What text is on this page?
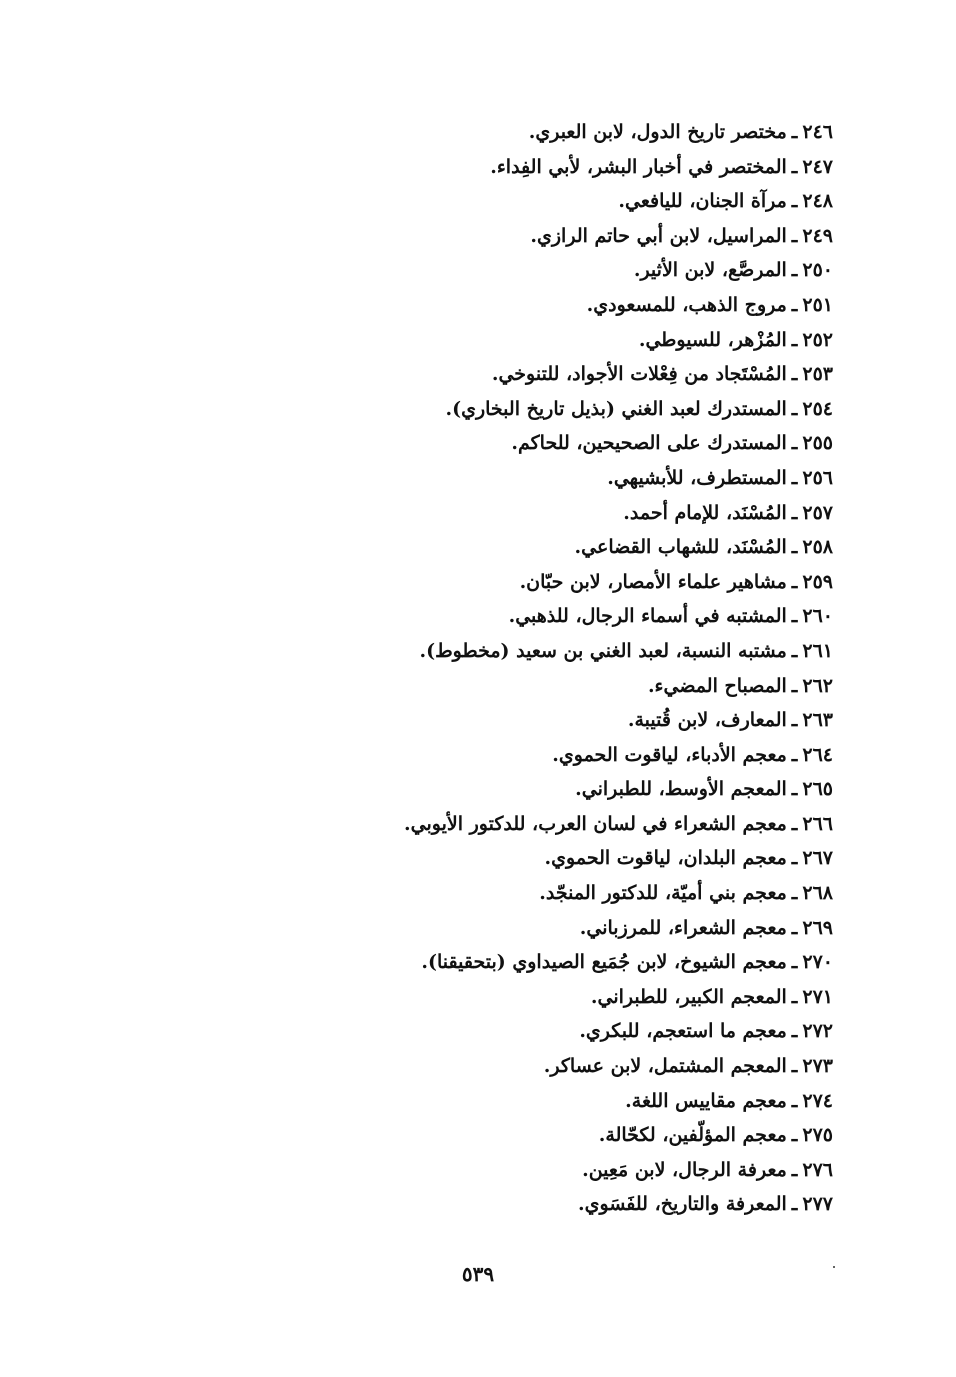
٢٤٦ـمختصر تاريخ الدول، لابن العبري.
٢٤٧ـالمختصر في أخبار البشر، لأبي الفِداء.
٢٤٨ـمرآة الجنان، لليافعي.
٢٤٩ـالمراسيل، لابن أبي حاتم الرازي.
٢٥٠ـالمرصَّع، لابن الأثير.
٢٥١ـمروج الذهب، للمسعودي.
٢٥٢ـالمُزْهر، للسيوطي.
٢٥٣ـالمُسْتَجاد من فِعْلات الأجواد، للتنوخي.
٢٥٤ـالمستدرك لعبد الغني (بذيل تاريخ البخاري).
٢٥٥ـالمستدرك على الصحيحين، للحاكم.
٢٥٦ـالمستطرف، للأبشيهي.
٢٥٧ـالمُسْنَد، للإمام أحمد.
٢٥٨ـالمُسْنَد، للشهاب القضاعي.
٢٥٩ـمشاهير علماء الأمصار، لابن حبّان.
٢٦٠ـالمشتبه في أسماء الرجال، للذهبي.
٢٦١ـمشتبه النسبة، لعبد الغني بن سعيد (مخطوط).
٢٦٢ـالمصباح المضيء.
٢٦٣ـالمعارف، لابن قُتيبة.
٢٦٤ـمعجم الأدباء، لياقوت الحموي.
٢٦٥ـالمعجم الأوسط، للطبراني.
٢٦٦ـمعجم الشعراء في لسان العرب، للدكتور الأيوبي.
٢٦٧ـمعجم البلدان، لياقوت الحموي.
٢٦٨ـمعجم بني أميّة، للدكتور المنجّد.
٢٦٩ـمعجم الشعراء، للمرزباني.
٢٧٠ـمعجم الشيوخ، لابن جُمَيع الصيداوي (بتحقيقنا).
٢٧١ـالمعجم الكبير، للطبراني.
٢٧٢ـمعجم ما استعجم، للبكري.
٢٧٣ـالمعجم المشتمل، لابن عساكر.
٢٧٤ـمعجم مقاييس اللغة.
٢٧٥ـمعجم المؤلّفين، لكحّالة.
٢٧٦ـمعرفة الرجال، لابن مَعِين.
٢٧٧ـالمعرفة والتاريخ، للفَسَوي.
٥٣٩
